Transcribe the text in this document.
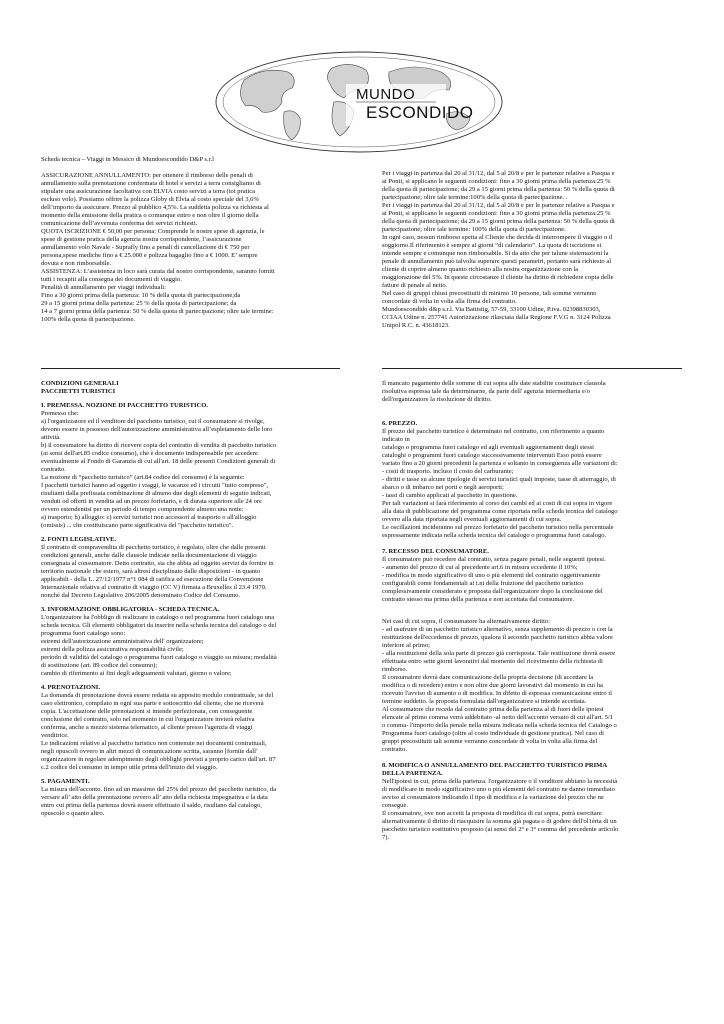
MUNDO
ESCONDIDO

Scheda tecnica – Viaggi in Messico di Mundoescondido D&P s.r.l

ASSICURAZIONE ANNULLAMENTO: per ottenere il rimborso delle penali di
annullamento sulla prenotazione confermata di hotel e servizi a terra consigliamo di
stipulare una assicurazione facoltativa con ELVIA costo servizi a terra (tot pratica
escluso volo). Possiamo offrire la polizza Globy di Elvia al costo speciale del 3,6%
dell’importo da assicurare. Prezzo al pubblico 4,5%. La suddetta polizza va richiesta al
momento della emissione della pratica o comunque entro e non oltre il giorno della
comunicazione dell’avvenuta conferma dei servizi richiesti.
QUOTA ISCRIZIONE € 50,00 per persona: Comprende le nostre spese di agenzia, le
spese di gestione pratica della agenzia nostra corrispondente, l’assicurazione
annullamento volo Navale - Suprafly fino a penali di cancellazione di € 750 per
persona,spese mediche fino a € 25.000 e polizza bagaglio fino a € 1000. E’ sempre
dovuta e non rimborsabile.
ASSISTENZA: L’assistenza in loco sarà curata dal nostro corrispondente, saranno forniti
tutti i recapiti alla consegna dei documenti di viaggio.
Penalità di annullamento per viaggi individuali:
Fino a 30 giorni prima della partenza: 10 % della quota di partecipazione;da
29 a 15 giorni prima della partenza: 25 % della quota di partecipazione; da
14 a 7 giorni prima della partenza: 50 % della quota di partecipazione; oltre tale termine:
100% della quota di partecipazione.
Per i viaggi in partenza dal 20 al 31/12, dal 5 al 20/8 e per le partenze relative a Pasqua e
ai Ponti, si applicano le seguenti condizioni: fino a 30 giorni prima della partenza:25 %
della quota di partecipazione; da 29 a 15 giorni prima della partenza: 50 % della quota di
partecipazione; oltre tale termine:100% della quota di partecipazione. .
Per i viaggi in partenza dal 20 al 31/12, dal 5 al 20/8 e per le partenze relative a Pasqua e
ai Ponti, si applicano le seguenti condizioni: fino a 30 giorni prima della partenza:25 %
della quota di partecipazione; da 29 a 15 giorni prima della partenza: 50 % della quota di
partecipazione; oltre tale termine: 100% della quota di partecipazione.
In ogni caso, nessun rimborso spetta al Cliente che decida di interrompere il viaggio o il
soggiorno.Il riferimento è sempre ai giorni “di calendario”. La quota di iscrizione si
intende sempre e comunque non rimborsabile. Si da atto che per talune sistemazioni la
penale di annullamento può talvolta superare questi parametri, pertanto sarà richiesto al
cliente di coprire almeno quanto richiesto alla nostra organizzazione con la
maggiorazione del 5%. In queste circostanze il cliente ha diritto di richiedere copia delle
fatture di penale al netto.
Nel caso di gruppi chiusi precostituiti di minimo 10 persone, tali somme verranno
concordate di volta in volta alla firma del contratto.
Mundoescondido d&p s.r.l. Via Battistig, 57-59, 33100 Udine, P.iva. 02398830303,
CCIAA Udine n. 257741 Autorizzazione rilasciata dalla Regione F.V.G n. 3124 Polizza
Unipol R.C. n. 43618123.

CONDIZIONI GENERALI

PACCHETTI TURISTICI

I. PREMESSA. NOZIONE DI PACCHETTO TURISTICO.

Premesso che:
a) l'organizzatore ed il venditore del pacchetto turistico, cui il consumatore si rivolge,
devono essere in possesso dell'autorizzazione amministrativa all’espletamento delle loro
attività.
b) il consumatore ha diritto di ricevere copia del contratto di vendita di pacchetto turistico
(ai sensi dell'art.85 codice consumo), che è documento indispensabile per accedere
eventualmente al Fondo di Garanzia di cui all'art. 18 delle presenti Condizioni generali di
contratto.
La nozione di “pacchetto turistico” (art.84 codice del consumo) è la seguente:
I pacchetti turistici hanno ad oggetto i viaggi, le vacanze ed i circuiti "tutto compreso",
risultanti dalla prefissata combinazione di almeno due degli elementi di seguito indicati,
venduti od offerti in vendita ad un prezzo forfetario, e di durata superiore alle 24 ore
ovvero estendentisi per un periodo di tempo comprendente almeno una notte:
a) trasporto; b) alloggio: c) servizi turistici non accessori al trasporto o all'alloggio
(omissis) ... che costituiscano parte significativa del "pacchetto turistico".

2. FONTI LEGISLATIVE.

Il contratto di compravendita di pacchetto turistico, è regolato, oltre che dalle presenti
condizioni generali, anche dalle clausole indicate nella documentazione di viaggio
consegnata al consumatore. Detto contratto, sia che abbia ad oggetto servizi da fornire in
territorio nazionale che estero, sarà altresì disciplinato dalle disposizioni - in quanto
applicabili - della L. 27/12/1977 n°1 084 di ratifica ed esecuzione della Convenzione
Internazionale relativa al contratto di viaggio (CC V) firmata a Bruxelles il 23.4 1970.
nonché dal Decreto Legislativo 206/2005 denominato Codice del Consumo.

3. INFORMAZIONE OBBLIGATORIA - SCHEDA TECNICA.

L'organizzatore ha l'obbligo di realizzare in catalogo o nel programma fuori catalogo una
scheda tecnica. Gli elementi obbligatori da inserire nella scheda tecnica del catalogo o del
programma fuori catalogo sono:
estremi dell'autorizzazione amministrativa dell' organizzatore;
estremi della polizza assicurativa responsabilità civile;
periodo di validità del catalogo o programma fuori catalogo o viaggio su misura; modalità
di sostituzione (art. 89 codice del consumo);
cambio di riferimento ai fini degli adeguamenti valutari, giorno o valore;

4. PRENOTAZIONI.

La domanda di prenotazione dovrà essere redatta su apposito modulo contrattuale, se del
caso elettronico, compilato in ogni sua parte e sottoscritto dal cliente, che ne riceverà
copia. L'accettazione delle prenotazioni si intende perfezionata, con conseguente
conclusione del contratto, solo nel momento in cui l'organizzatore invierà relativa
conferma, anche a mezzo sistema telematico, al cliente presso l'agenzia di viaggi
venditrice.
Le indicazioni relative al pacchetto turistico non contenute nei documenti contrattuali,
negli opuscoli ovvero in altri mezzi di comunicazione scritta, saranno [fornite dall'
organizzatore in regolare adempimento degli obblighi previsti a proprio carico dall'art. 87
c.2 codice del consumo in tempo utile prima dell'inizio del viaggio.

5. PAGAMENTI.

La misura dell'acconto. fino ad un massimo del 25% del prezzo del pacchetto turistico, da
versare all’ atto della prenotazione ovvero all’ atto della richiesta impegnativa e la data
entro cui prima della partenza dovrà essere effettuato il saldo, risultano dal catalogo,
opuscolo o quanto altro.
Il mancato pagamento delle somme di cui sopra alle date stabilite costituisce clausola
risolutiva espressa tale da determinarne, da parte dell' agenzia intermediaria e/o
dell'organizzatore la risoluzione di diritto.

6. PREZZO.

Il prezzo del pacchetto turistico è determinato nel contratto, con riferimento a quanto
indicato in
catalogo o programma fuori catalogo ed agli eventuali aggiornamenti degli stessi
cataloghi o programmi fuori catalogo successivamente intervenuti Esso potrà essere
variato fino a 20 giorni precedenti la partenza e soltanto in conseguenza alle variazioni di:
- costi di trasporto. incluso il costo del carburante;
- diritti e tasse su alcune tipologie di servizi turistici quali imposte, tasse di atterraggio, di
sbarco o di imbarco nei porti e negli aeroporti;
- tassi di cambio applicati al pacchetto in questione.
Per tali variazioni si farà riferimento al corso dei cambi ed ai costi di cui sopra in vigore
alla data di pubblicazione del programma come riportata nella scheda tecnica del catalogo
ovvero alla data riportata negli eventuali aggiornamenti di cui sopra.
Le oscillazioni incideranno sul prezzo forfetario del pacchetto turistico nella percentuale
espressamente indicata nella scheda tecnica del catalogo o programma fuori catalogo.

7. RECESSO DEL CONSUMATORE.

Il consumatore può recedere dal contratto, senza pagare penali, nelle seguenti ipotesi.
- aumento del prezzo di cui al precedente art.6 in misura eccedente il 10%;
- modifica in modo significativo di uno o più elementi del contratto oggettivamente
configurabili come fondamentali ai t.ni della fruizione del pacchetto turistico
complessivamente considerato e proposta dall'organizzatore dopo la conclusione del
contratto stesso ma prima della partenza e non accettata dal consumatore.
Nei casi di cui sopra, il consumatore ha alternativamente diritto:
- ad usufruire di un pacchetto turistico alternativo, senza supplemento di prezzo o con la
restituzione dell'eccedenza di prezzo, qualora il secondo pacchetto turistico abbia valore
inferiore al primo;
- alla restituzione della sola parte di prezzo già corrisposta. Tale restituzione dovrà essere
effettuata entro sette giorni lavorativi dal momento del ricevimento della richiesta di
rimborso.
Il consumatore dovrà dare comunicazione della propria decisione (di accettare la
modifica o di recedere) entro e non oltre due giorni lavorativi dal momento in cui ha
ricevuto l'avviso di aumento o di modifica. In difetto di espressa comunicazione entro il
termine suddetto. la proposta formulata dall'organizzatore si intende accettata.
Al consumatore che receda dal contratto prima della partenza al di fuori delle ipotesi
elencate al primo comma verrà addebitato -al netto dell'acconto versato di cui all'art. 5/1
o comma- l'importo della penale nella misura indicata nella scheda tecnica del Catalogo o
Programma fuori catalogo (oltre al costo individuale di gestione pratica). Nel caso di
gruppi precostituiti tali somme verranno concordate di volta in volta alla firma del
contratto.

8. MODIFICA O ANNULLAMENTO DEL PACCHETTO TURISTICO PRIMA

DELLA PARTENZA.

Nell'ipotesi in cui, prima della partenza. l'organizzatore o il venditore abbiano la necessità
di modificare in modo significativo uno o più elementi del contratto ne danno immediato
avviso al consumatore indicando il tipo di modifica e la variazione del prezzo che ne
consegue.
Il consumatore, ove non accetti la proposta di modifica di cui sopra, potrà esercitare
alternativamente il diritto di riacquisire la somma già pagata o di godere dell'ol1èrta di un
pacchetto turistico sostitutivo proposto (ai sensi del 2° e 3° comma del precedente articolo
7).
